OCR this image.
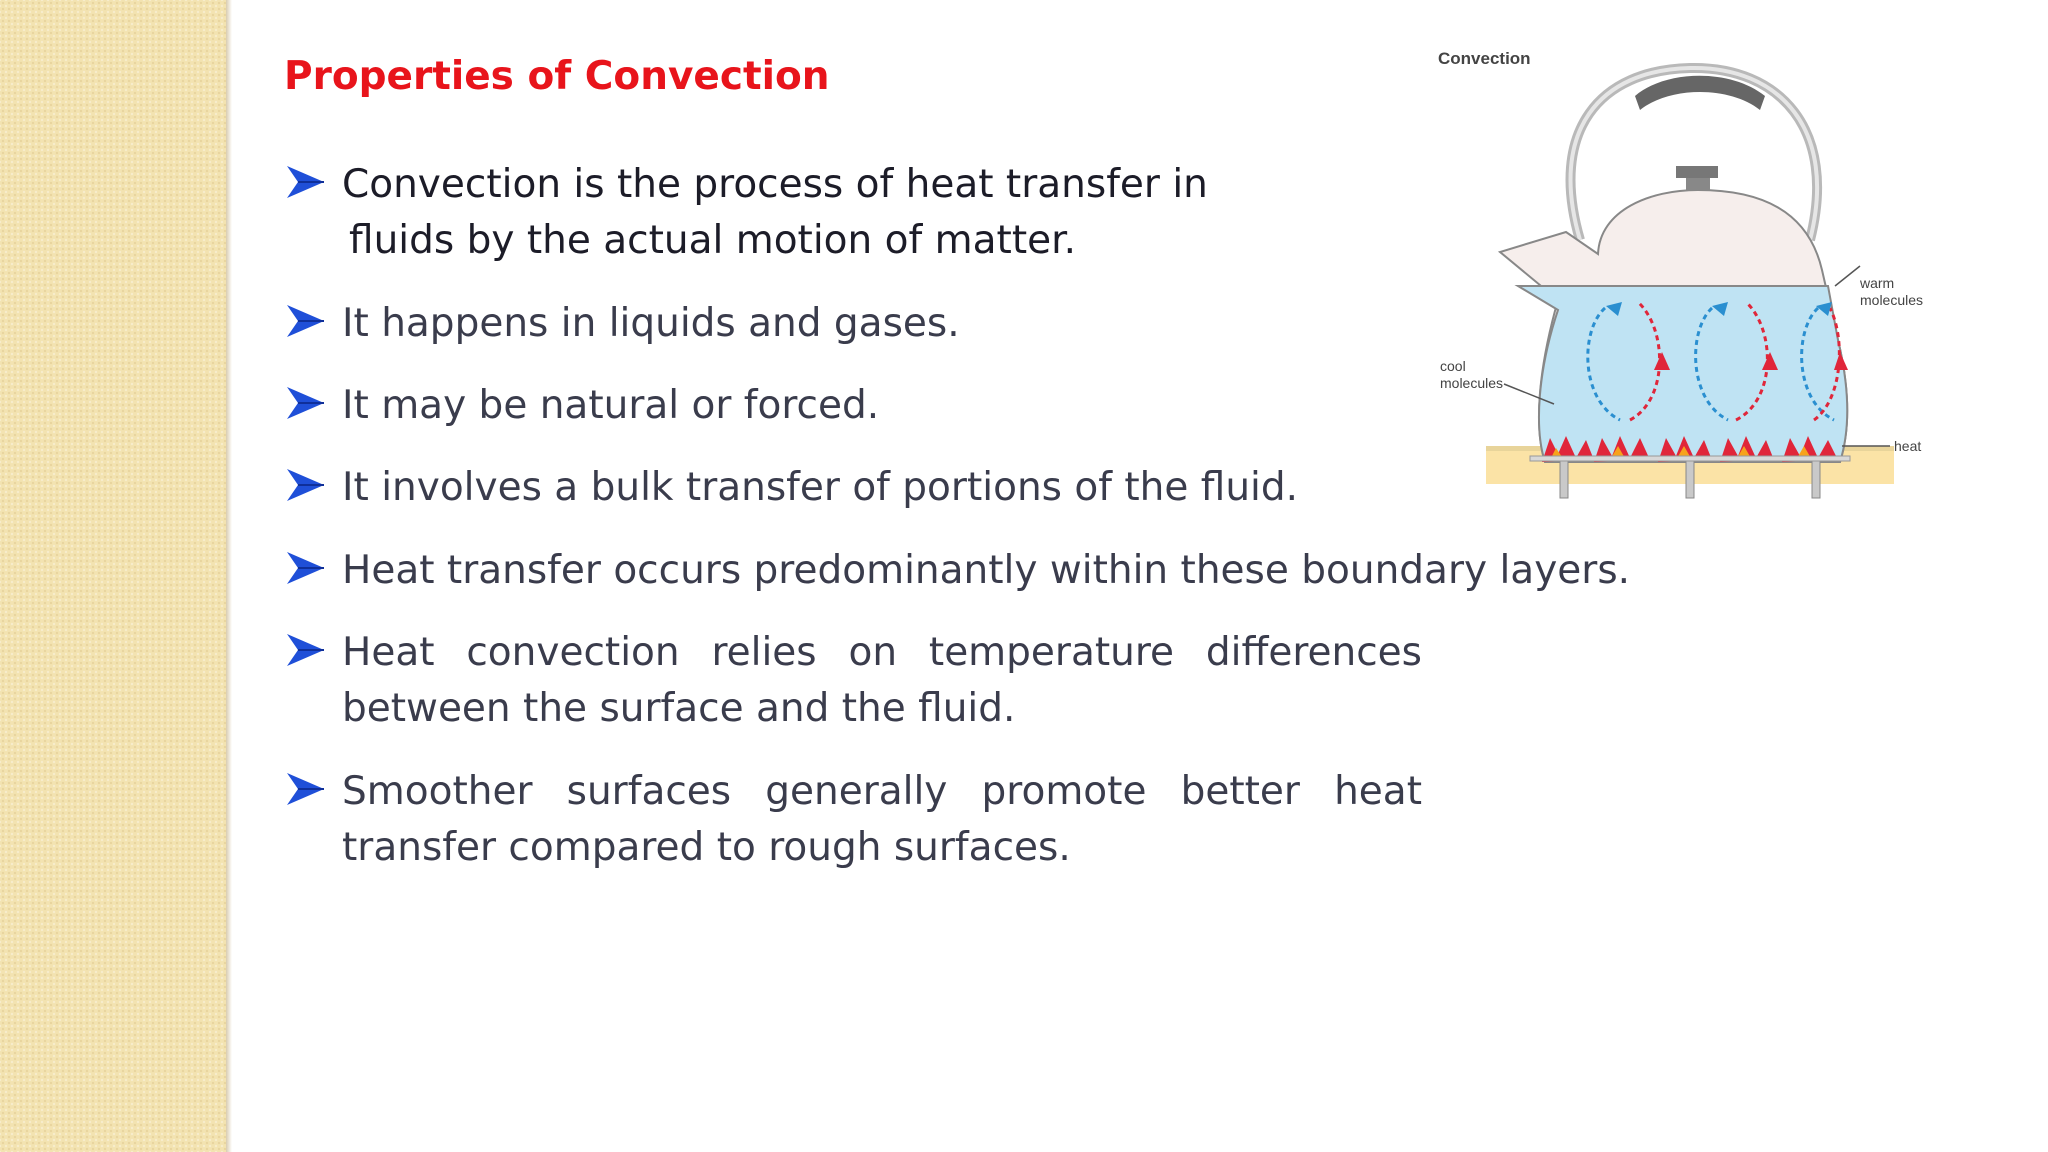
Properties of Convection
Convection is the process of heat transfer in
fluids by the actual motion of matter.
It happens in liquids and gases.
It may be natural or forced.
It involves a bulk transfer of portions of the fluid.
Heat transfer occurs predominantly within these boundary layers.
Heat convection relies on temperature differences between the surface and the fluid.
Smoother surfaces generally promote better heat transfer compared to rough surfaces.
Convection
warm
molecules
cool
molecules
heat
